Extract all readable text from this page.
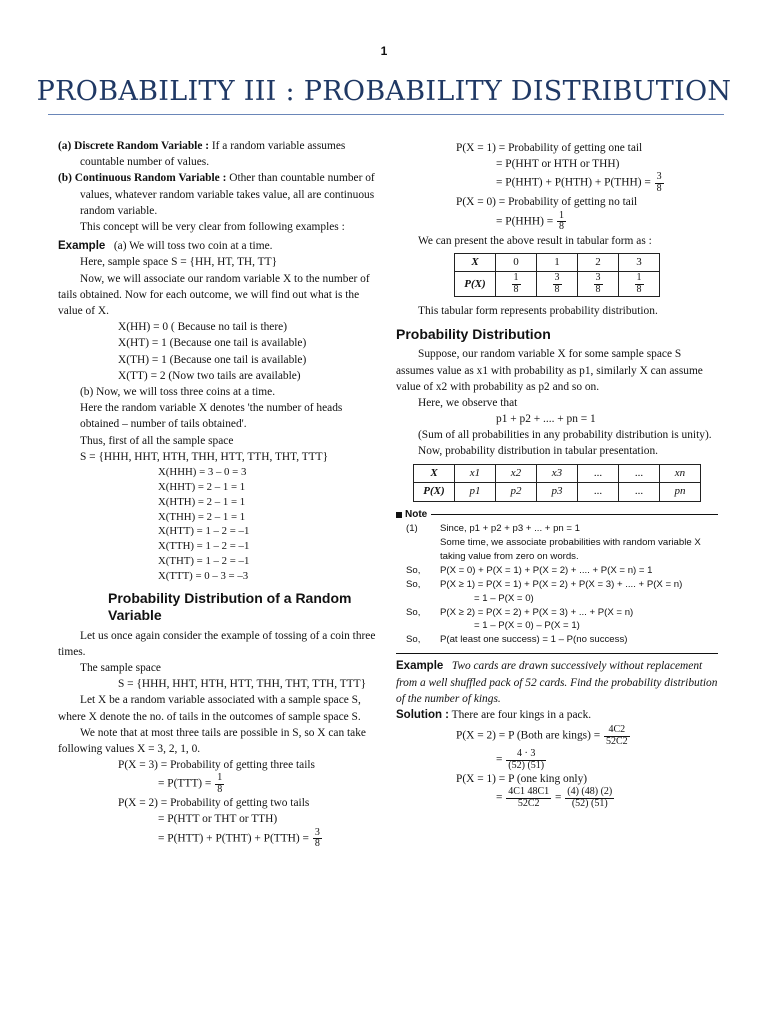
1
PROBABILITY III : PROBABILITY DISTRIBUTION

(a) Discrete Random Variable : If a random variable assumes countable number of values.

(b) Continuous Random Variable : Other than countable number of values, whatever random variable takes value, all are continuous random variable.

This concept will be very clear from following examples :

Example (a) We will toss two coin at a time.

Here, sample space S = {HH, HT, TH, TT}

Now, we will associate our random variable X to the number of tails obtained. Now for each outcome, we will find out what is the value of X.

X(HH) = 0 ( Because no tail is there)

X(HT) = 1 (Because one tail is available)

X(TH) = 1 (Because one tail is available)

X(TT) = 2 (Now two tails are available)

(b) Now, we will toss three coins at a time.

Here the random variable X denotes 'the number of heads obtained – number of tails obtained'.

Thus, first of all the sample space

S = {HHH, HHT, HTH, THH, HTT, TTH, THT, TTT}

X(HHH) = 3 – 0 = 3

X(HHT) = 2 – 1 = 1

X(HTH) = 2 – 1 = 1

X(THH) = 2 – 1 = 1

X(HTT) = 1 – 2 = –1

X(TTH) = 1 – 2 = –1

X(THT) = 1 – 2 = –1

X(TTT) = 0 – 3 = –3

Probability Distribution of a Random Variable

Let us once again consider the example of tossing of a coin three times.

The sample space

S = {HHH, HHT, HTH, HTT, THH, THT, TTH, TTT}

Let X be a random variable associated with a sample space S, where X denote the no. of tails in the outcomes of sample space S.

We note that at most three tails are possible in S, so X can take following values X = 3, 2, 1, 0.

P(X = 3) = Probability of getting three tails

= $P(TTT) = \frac{1}{8}$

P(X = 2) = Probability of getting two tails

= P(HTT or THT or TTH)

= $P(HTT) + P(THT) + P(TTH) = \frac{3}{8}$

P(X = 1) = Probability of getting one tail

= P(HHT or HTH or THH)

= $P(HHT) + P(HTH) + P(THH) = \frac{3}{8}$

P(X = 0) = Probability of getting no tail

= $P(HHH) = \frac{1}{8}$

We can present the above result in tabular form as :

X	0	1	2	3
P(X)	$\frac{1}{8}$	$\frac{3}{8}$	$\frac{3}{8}$	$\frac{1}{8}$

This tabular form represents probability distribution.

Probability Distribution

Suppose, our random variable X for some sample space S assumes value as x1 with probability as p1, similarly X can assume value of x2 with probability as p2 and so on.

Here, we observe that

p1 + p2 + .... + pn = 1

(Sum of all probabilities in any probability distribution is unity).

Now, probability distribution in tabular presentation.

X	x1	x2	x3	...	...	xn
P(X)	p1	p2	p3	...	...	pn
Note
(1)	Since, p1 + p2 + p3 + ... + pn = 1
Some time, we associate probabilities with random variable X taking value from zero on words.
So,	P(X = 0) + P(X = 1) + P(X = 2) + .... + P(X = n) = 1
So,	P(X ≥ 1) = P(X = 1) + P(X = 2) + P(X = 3) + .... + P(X = n)
= 1 – P(X = 0)
So,	P(X ≥ 2) = P(X = 2) + P(X = 3) + ... + P(X = n)
= 1 – P(X = 0) – P(X = 1)
So,	P(at least one success) = 1 – P(no success)

Example Two cards are drawn successively without replacement from a well shuffled pack of 52 cards. Find the probability distribution of the number of kings.

Solution : There are four kings in a pack.

P(X = 2) = P (Both are kings) = $\frac{4C2}{52C2}$

= $\frac{4 \cdot 3}{(52) (51)}$

P(X = 1) = P (one king only)

= $\frac{4C1 48C1}{52C2} = \frac{(4) (48) (2)}{(52) (51)}$
